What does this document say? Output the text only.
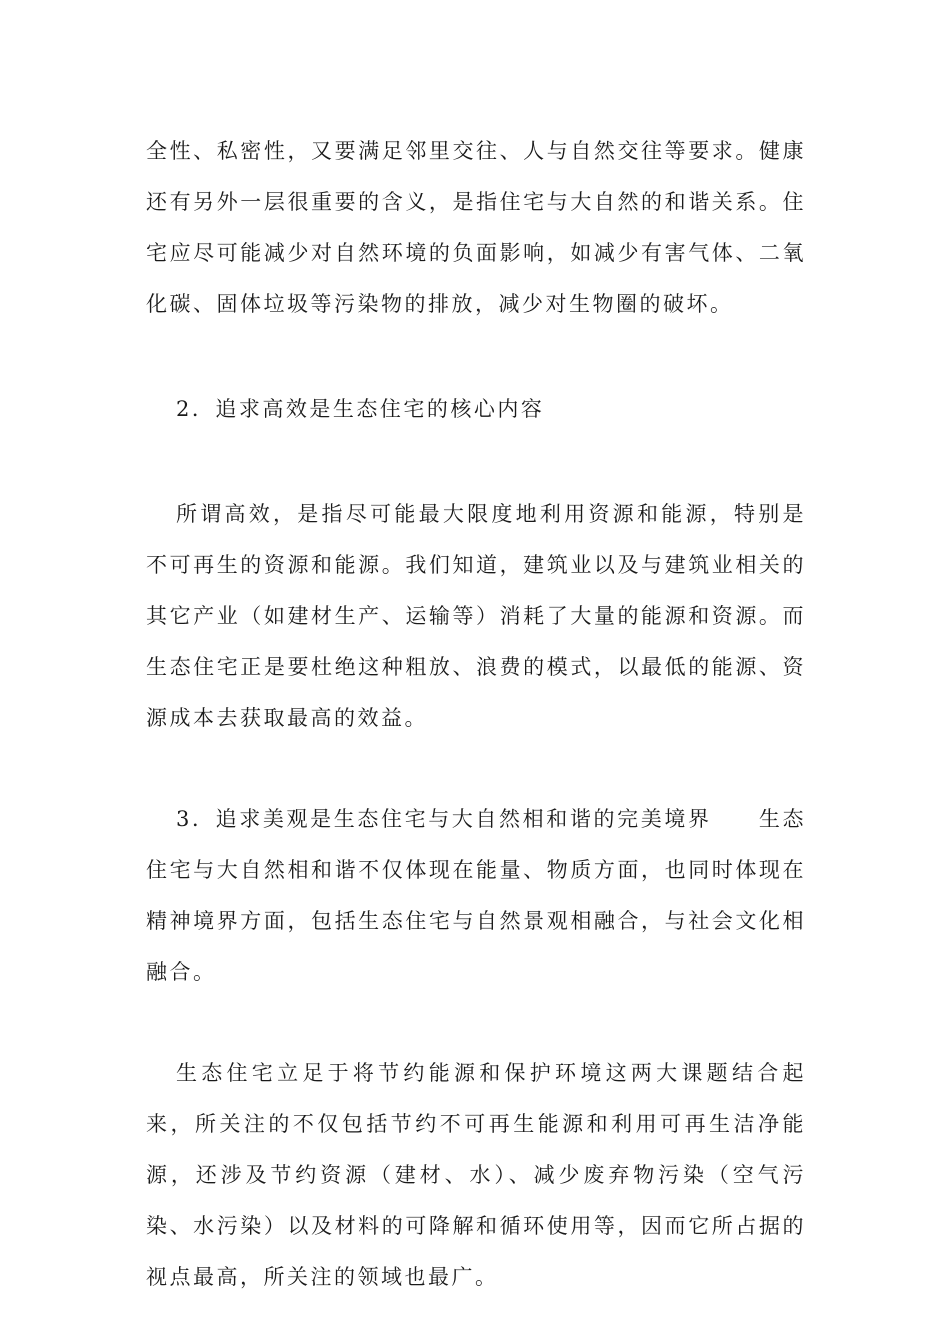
全性、私密性，又要满足邻里交往、人与自然交往等要求。健康还有另外一层很重要的含义，是指住宅与大自然的和谐关系。住宅应尽可能减少对自然环境的负面影响，如减少有害气体、二氧化碳、固体垃圾等污染物的排放，减少对生物圈的破坏。

2．追求高效是生态住宅的核心内容

所谓高效，是指尽可能最大限度地利用资源和能源，特别是不可再生的资源和能源。我们知道，建筑业以及与建筑业相关的其它产业（如建材生产、运输等）消耗了大量的能源和资源。而生态住宅正是要杜绝这种粗放、浪费的模式，以最低的能源、资源成本去获取最高的效益。

3．追求美观是生态住宅与大自然相和谐的完美境界　　生态住宅与大自然相和谐不仅体现在能量、物质方面，也同时体现在精神境界方面，包括生态住宅与自然景观相融合，与社会文化相融合。

生态住宅立足于将节约能源和保护环境这两大课题结合起来，所关注的不仅包括节约不可再生能源和利用可再生洁净能源，还涉及节约资源（建材、水）、减少废弃物污染（空气污染、水污染）以及材料的可降解和循环使用等，因而它所占据的视点最高，所关注的领域也最广。
